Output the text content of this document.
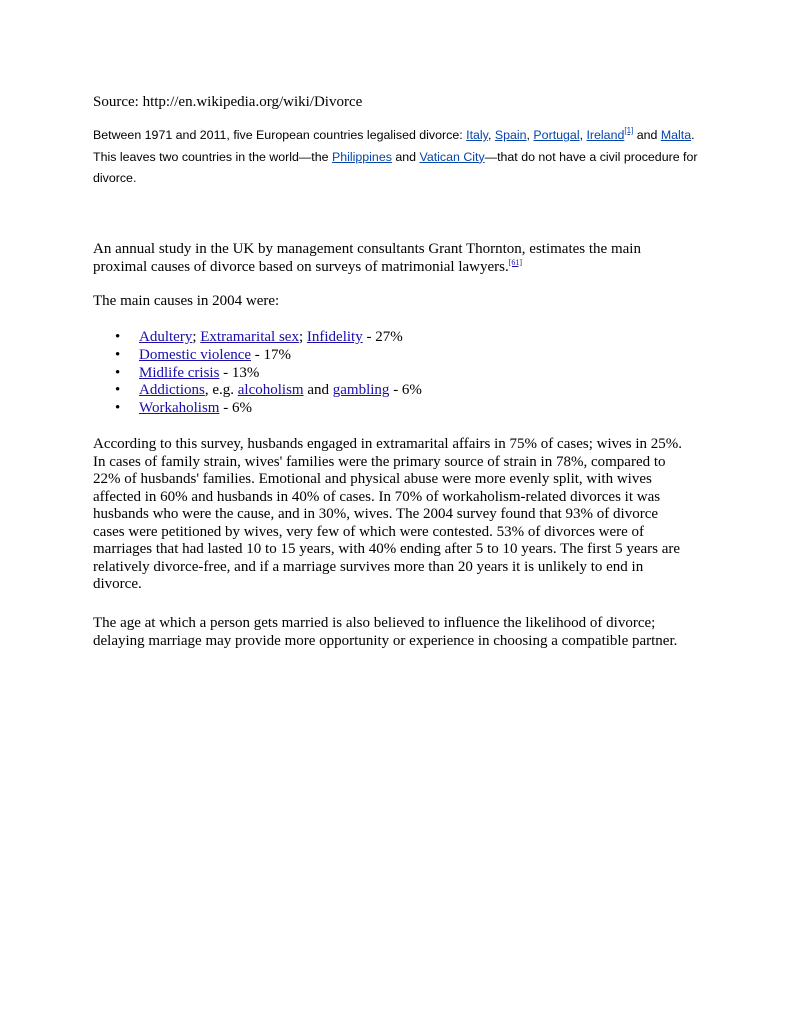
Source: http://en.wikipedia.org/wiki/Divorce

Between 1971 and 2011, five European countries legalised divorce: Italy, Spain, Portugal, Ireland[1] and Malta. This leaves two countries in the world—the Philippines and Vatican City—that do not have a civil procedure for divorce.

An annual study in the UK by management consultants Grant Thornton, estimates the main proximal causes of divorce based on surveys of matrimonial lawyers.[61]

The main causes in 2004 were:

• Adultery; Extramarital sex; Infidelity - 27%
• Domestic violence - 17%
• Midlife crisis - 13%
• Addictions, e.g. alcoholism and gambling - 6%
• Workaholism - 6%

According to this survey, husbands engaged in extramarital affairs in 75% of cases; wives in 25%. In cases of family strain, wives' families were the primary source of strain in 78%, compared to 22% of husbands' families. Emotional and physical abuse were more evenly split, with wives affected in 60% and husbands in 40% of cases. In 70% of workaholism-related divorces it was husbands who were the cause, and in 30%, wives. The 2004 survey found that 93% of divorce cases were petitioned by wives, very few of which were contested. 53% of divorces were of marriages that had lasted 10 to 15 years, with 40% ending after 5 to 10 years. The first 5 years are relatively divorce-free, and if a marriage survives more than 20 years it is unlikely to end in divorce.

The age at which a person gets married is also believed to influence the likelihood of divorce; delaying marriage may provide more opportunity or experience in choosing a compatible partner.
